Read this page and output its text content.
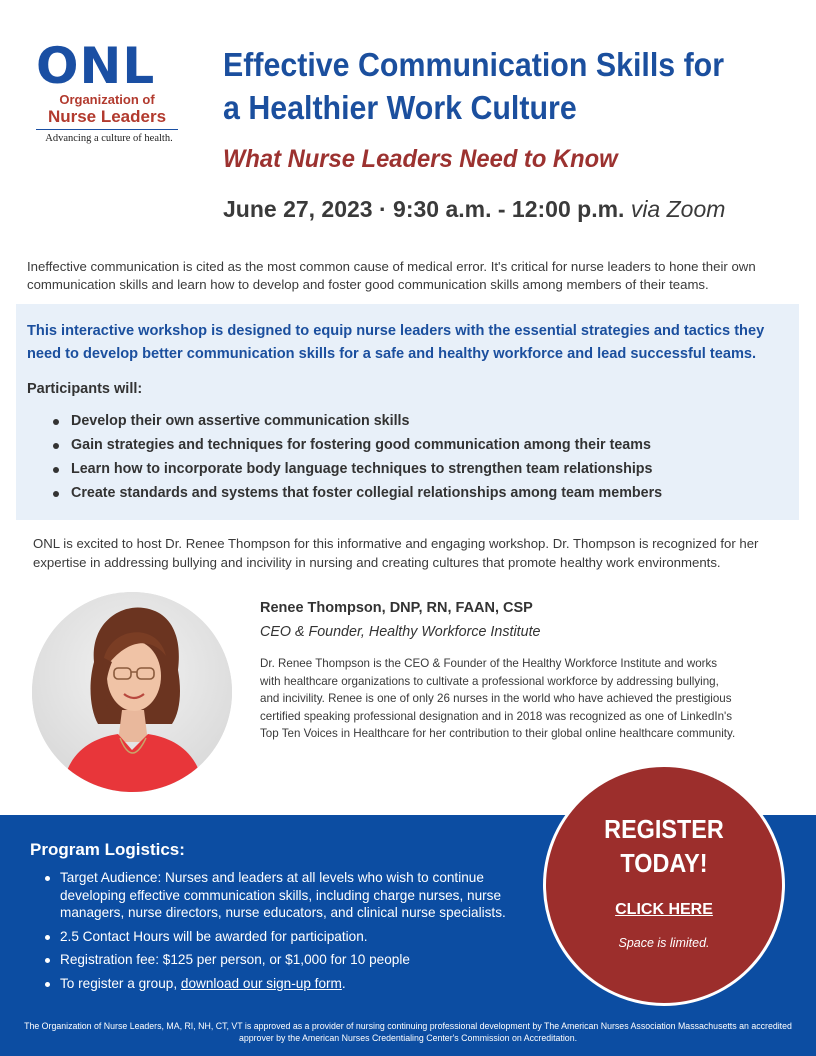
ONL
Organization of
Nurse Leaders
Advancing a culture of health.
Effective Communication Skills for a Healthier Work Culture
What Nurse Leaders Need to Know
June 27, 2023 · 9:30 a.m. - 12:00 p.m. via Zoom

Ineffective communication is cited as the most common cause of medical error. It's critical for nurse leaders to hone their own communication skills and learn how to develop and foster good communication skills among members of their teams.

This interactive workshop is designed to equip nurse leaders with the essential strategies and tactics they need to develop better communication skills for a safe and healthy workforce and lead successful teams.

Participants will:
Develop their own assertive communication skills
Gain strategies and techniques for fostering good communication among their teams
Learn how to incorporate body language techniques to strengthen team relationships
Create standards and systems that foster collegial relationships among team members

ONL is excited to host Dr. Renee Thompson for this informative and engaging workshop. Dr. Thompson is recognized for her expertise in addressing bullying and incivility in nursing and creating cultures that promote healthy work environments.

Renee Thompson, DNP, RN, FAAN, CSP
CEO & Founder, Healthy Workforce Institute

Dr. Renee Thompson is the CEO & Founder of the Healthy Workforce Institute and works with healthcare organizations to cultivate a professional workforce by addressing bullying, and incivility. Renee is one of only 26 nurses in the world who have achieved the prestigious certified speaking professional designation and in 2018 was recognized as one of LinkedIn's Top Ten Voices in Healthcare for her contribution to their global online healthcare community.

Program Logistics:
Target Audience: Nurses and leaders at all levels who wish to continue developing effective communication skills, including charge nurses, nurse managers, nurse directors, nurse educators, and clinical nurse specialists.
2.5 Contact Hours will be awarded for participation.
Registration fee: $125 per person, or $1,000 for 10 people
To register a group, download our sign-up form.
REGISTER
TODAY!
CLICK HERE
Space is limited.

The Organization of Nurse Leaders, MA, RI, NH, CT, VT is approved as a provider of nursing continuing professional development by The American Nurses Association Massachusetts an accredited approver by the American Nurses Credentialing Center's Commission on Accreditation.
